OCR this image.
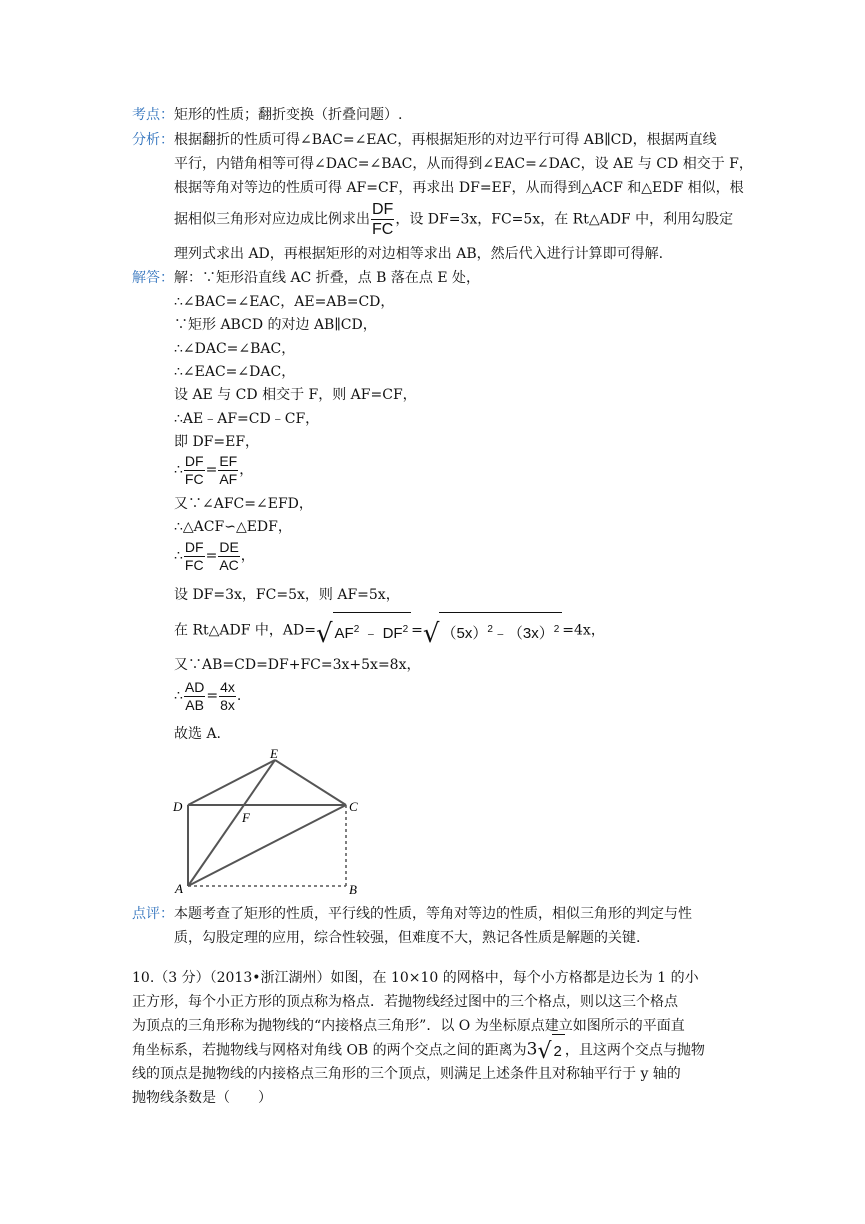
考点：矩形的性质；翻折变换（折叠问题）.
分析：根据翻折的性质可得∠BAC=∠EAC，再根据矩形的对边平行可得 AB∥CD，根据两直线
平行，内错角相等可得∠DAC=∠BAC，从而得到∠EAC=∠DAC，设 AE 与 CD 相交于 F，
根据等角对等边的性质可得 AF=CF，再求出 DF=EF，从而得到△ACF 和△EDF 相似，根
据相似三角形对应边成比例求出 $\frac{DF}{FC}$ ，设 DF=3x，FC=5x，在 Rt△ADF 中，利用勾股定
理列式求出 AD，再根据矩形的对边相等求出 AB，然后代入进行计算即可得解.
解答：解：∵矩形沿直线 AC 折叠，点 B 落在点 E 处，
∴∠BAC=∠EAC，AE=AB=CD，
∵矩形 ABCD 的对边 AB∥CD，
∴∠DAC=∠BAC，
∴∠EAC=∠DAC，
设 AE 与 CD 相交于 F，则 AF=CF，
∴AE﹣AF=CD﹣CF，
即 DF=EF，
∴ $\frac{DF}{FC} = \frac{EF}{AF}$ ，
又∵∠AFC=∠EFD，
∴△ACF∽△EDF，
∴ $\frac{DF}{FC} = \frac{DE}{AC}$ ，
设 DF=3x，FC=5x，则 AF=5x，
在 Rt△ADF 中，AD=√ $AF^2$ ﹣ $DF^2$ =√ $(5x)^2﹣(3x)^2 =4x$，
又∵AB=CD=DF+FC=3x+5x=8x，
∴ $\frac{AD}{AB} = \frac{4x}{8x}$ .
故选 A.
E
D	C
F
A	B
点评：本题考查了矩形的性质，平行线的性质，等角对等边的性质，相似三角形的判定与性
质，勾股定理的应用，综合性较强，但难度不大，熟记各性质是解题的关键.
10.（3 分）（2013•浙江湖州）如图，在 10×10 的网格中，每个小方格都是边长为 1 的小
正方形，每个小正方形的顶点称为格点．若抛物线经过图中的三个格点，则以这三个格点
为顶点的三角形称为抛物线的“内接格点三角形”．以 O 为坐标原点建立如图所示的平面直
角坐标系，若抛物线与网格对角线 OB 的两个交点之间的距离为3√ 2 ，且这两个交点与抛物
线的顶点是抛物线的内接格点三角形的三个顶点，则满足上述条件且对称轴平行于 y 轴的
抛物线条数是（　　）
